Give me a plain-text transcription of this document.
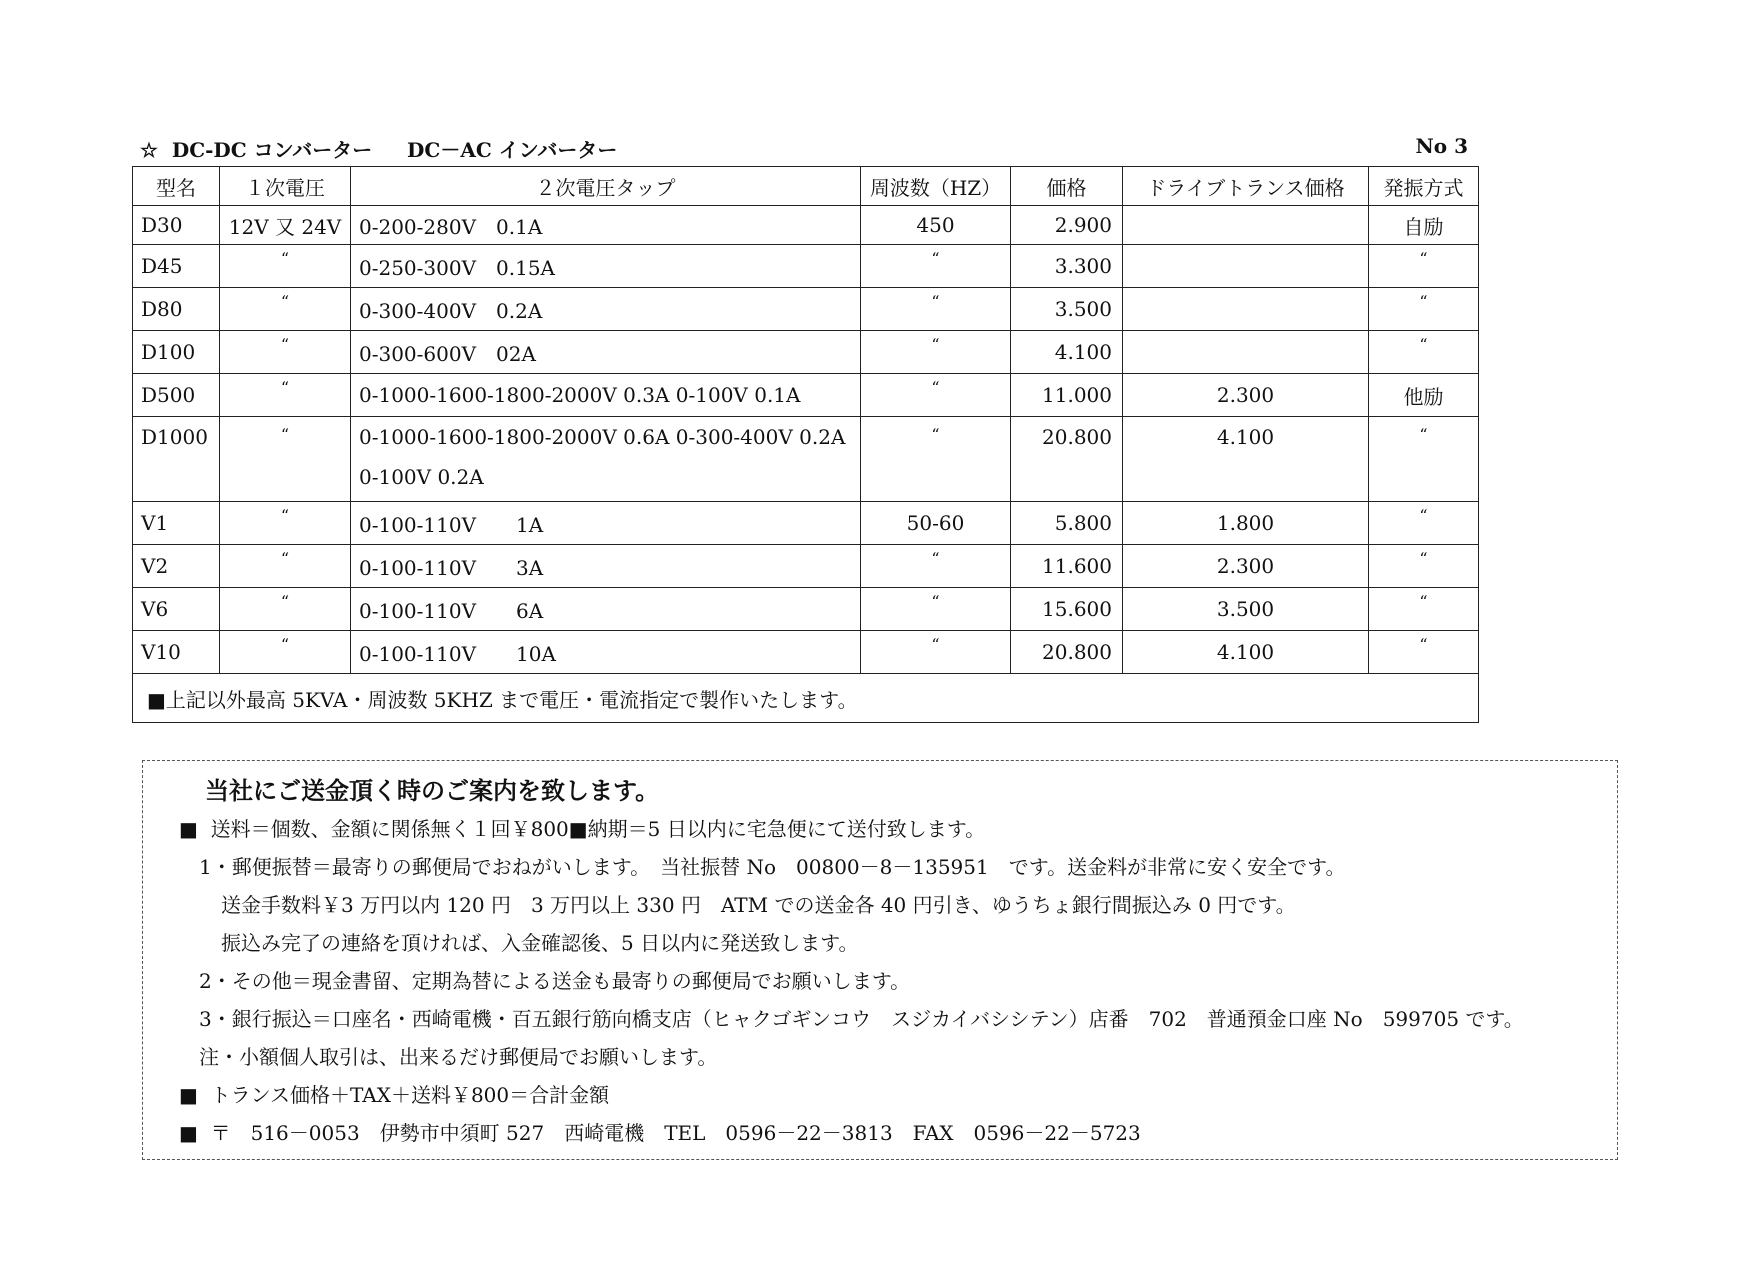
☆  DC-DC コンバーター     DC－AC インバーター	No 3
型名	１次電圧	２次電圧タップ	周波数（HZ）	価格	ドライブトランス価格	発振方式
D30	12V 又 24V	0-200-280V　0.1A	450	2.900		自励
D45	“	0-250-300V　0.15A	“	3.300		“
D80	“	0-300-400V　0.2A	“	3.500		“
D100	“	0-300-600V　02A	“	4.100		“
D500	“	0-1000-1600-1800-2000V 0.3A 0-100V 0.1A	“	11.000	2.300	他励
D1000	“	0-1000-1600-1800-2000V 0.6A 0-300-400V 0.2A 0-100V 0.2A	“	20.800	4.100	“
V1	“	0-100-110V　　1A	50-60	5.800	1.800	“
V2	“	0-100-110V　　3A	“	11.600	2.300	“
V6	“	0-100-110V　　6A	“	15.600	3.500	“
V10	“	0-100-110V　　10A	“	20.800	4.100	“
■上記以外最高 5KVA・周波数 5KHZ まで電圧・電流指定で製作いたします。						
当社にご送金頂く時のご案内を致します。
■  送料＝個数、金額に関係無く１回￥800■納期＝5 日以内に宅急便にて送付致します。
1・郵便振替＝最寄りの郵便局でおねがいします。　当社振替 No　00800－8－135951　です。送金料が非常に安く安全です。
送金手数料￥3 万円以内 120 円　3 万円以上 330 円　ATM での送金各 40 円引き、ゆうちょ銀行間振込み 0 円です。
振込み完了の連絡を頂ければ、入金確認後、5 日以内に発送致します。
2・その他＝現金書留、定期為替による送金も最寄りの郵便局でお願いします。
3・銀行振込＝口座名・西崎電機・百五銀行筋向橋支店（ヒャクゴギンコウ　スジカイバシシテン）店番　702　普通預金口座 No　599705 です。
注・小額個人取引は、出来るだけ郵便局でお願いします。
■  トランス価格＋TAX＋送料￥800＝合計金額
■  〒　516－0053　伊勢市中須町 527　西崎電機　TEL　0596－22－3813　FAX　0596－22－5723
